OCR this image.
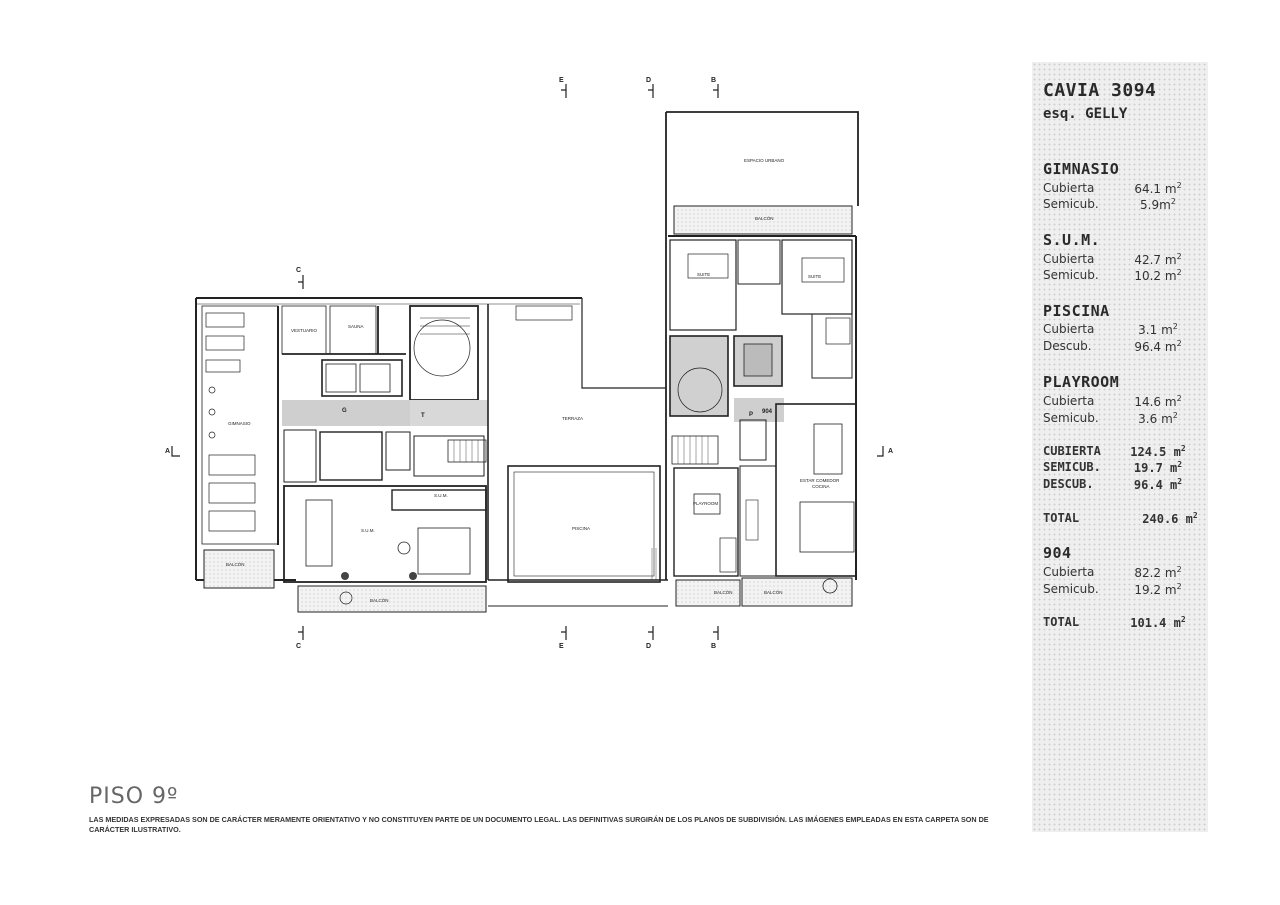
E	D	B
C
E	D	B
C
A	A
GIMNASIO
VESTUARIO
SAUNA
S.U.M.
S.U.M.
TERRAZA
PISCINA
ESPACIO URBANO
BALCÓN
SUITE	SUITE
ESTAR COMEDOR
COCINA
PLAYROOM
BALCÓN
BALCÓN
BALCÓN	BALCÓN
G
T	P 904
CAVIA 3094
esq. GELLY
GIMNASIO
Cubierta	64.1 $m^2$
Semicub.	$5.9m^2$
S.U.M.
Cubierta	42.7 $m^2$
Semicub.	10.2 $m^2$
PISCINA
Cubierta	3.1 $m^2$
Descub.	96.4 $m^2$
PLAYROOM
Cubierta	14.6 $m^2$
Semicub.	3.6 $m^2$
CUBIERTA 124.5 $m^2$
SEMICUB.	19.7 $m^2$
DESCUB.	96.4 $m^2$
TOTAL	240.6 $m^2$
904
Cubierta	82.2 $m^2$
Semicub.	19.2 $m^2$
TOTAL	101.4 $m^2$
PISO 9º
LAS MEDIDAS EXPRESADAS SON DE CARÁCTER MERAMENTE ORIENTATIVO Y NO CONSTITUYEN PARTE DE UN DOCUMENTO LEGAL. LAS DEFINITIVAS SURGIRÁN DE LOS PLANOS DE SUBDIVISIÓN. LAS IMÁGENES EMPLEADAS EN ESTA CARPETA SON DE CARÁCTER ILUSTRATIVO.
